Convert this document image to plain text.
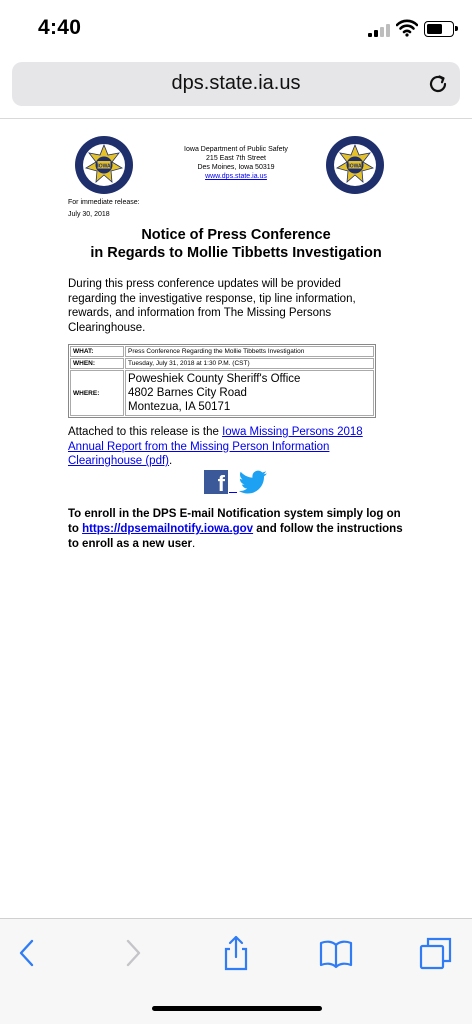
4:40
dps.state.ia.us
IOWA
Iowa Department of Public Safety
215 East 7th Street
Des Moines, Iowa 50319
www.dps.state.ia.us
IOWA
For immediate release:
July 30, 2018
Notice of Press Conference
in Regards to Mollie Tibbetts Investigation

During this press conference updates will be provided regarding the investigative response, tip line information, rewards, and information from The Missing Persons Clearinghouse.

WHAT:	Press Conference Regarding the Mollie Tibbetts Investigation
WHEN:	Tuesday, July 31, 2018 at 1:30 P.M. (CST)
WHERE:	Poweshiek County Sheriff's Office
4802 Barnes City Road
Montezua, IA 50171

Attached to this release is the Iowa Missing Persons 2018 Annual Report from the Missing Person Information Clearinghouse (pdf).

f

To enroll in the DPS E-mail Notification system simply log on to https://dpsemailnotify.iowa.gov and follow the instructions to enroll as a new user.
